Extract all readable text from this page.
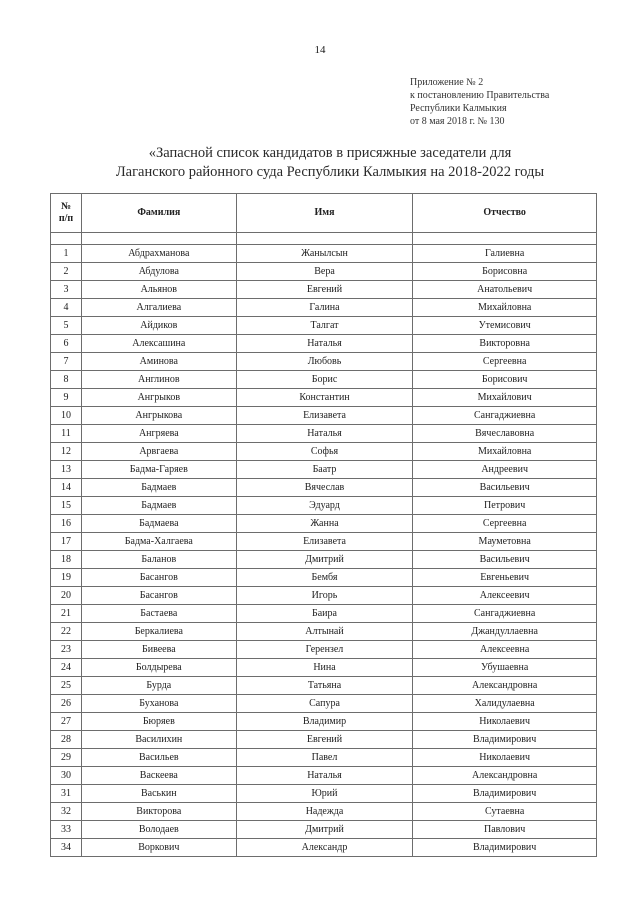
14
Приложение № 2
к постановлению Правительства
Республики Калмыкия
от 8 мая 2018 г. № 130
«Запасной список кандидатов в присяжные заседатели для
Лаганского районного суда Республики Калмыкия на 2018-2022 годы
№
п/п	Фамилия	Имя	Отчество

1	Абдрахманова	Жанылсын	Галиевна
2	Абдулова	Вера	Борисовна
3	Альянов	Евгений	Анатольевич
4	Алгалиева	Галина	Михайловна
5	Айдиков	Талгат	Утемисович
6	Алексашина	Наталья	Викторовна
7	Аминова	Любовь	Сергеевна
8	Англинов	Борис	Борисович
9	Ангрыков	Константин	Михайлович
10	Ангрыкова	Елизавета	Сангаджиевна
11	Ангряева	Наталья	Вячеславовна
12	Арвгаева	Софья	Михайловна
13	Бадма-Гаряев	Баатр	Андреевич
14	Бадмаев	Вячеслав	Васильевич
15	Бадмаев	Эдуард	Петрович
16	Бадмаева	Жанна	Сергеевна
17	Бадма-Халгаева	Елизавета	Мауметовна
18	Баланов	Дмитрий	Васильевич
19	Басангов	Бембя	Евгеньевич
20	Басангов	Игорь	Алексеевич
21	Бастаева	Баира	Сангаджиевна
22	Беркалиева	Алтынай	Джандуллаевна
23	Бивеева	Герензел	Алексеевна
24	Болдырева	Нина	Убушаевна
25	Бурда	Татьяна	Александровна
26	Буханова	Сапура	Халидулаевна
27	Бюряев	Владимир	Николаевич
28	Василихин	Евгений	Владимирович
29	Васильев	Павел	Николаевич
30	Васкеева	Наталья	Александровна
31	Васькин	Юрий	Владимирович
32	Викторова	Надежда	Сутаевна
33	Володаев	Дмитрий	Павлович
34	Воркович	Александр	Владимирович
